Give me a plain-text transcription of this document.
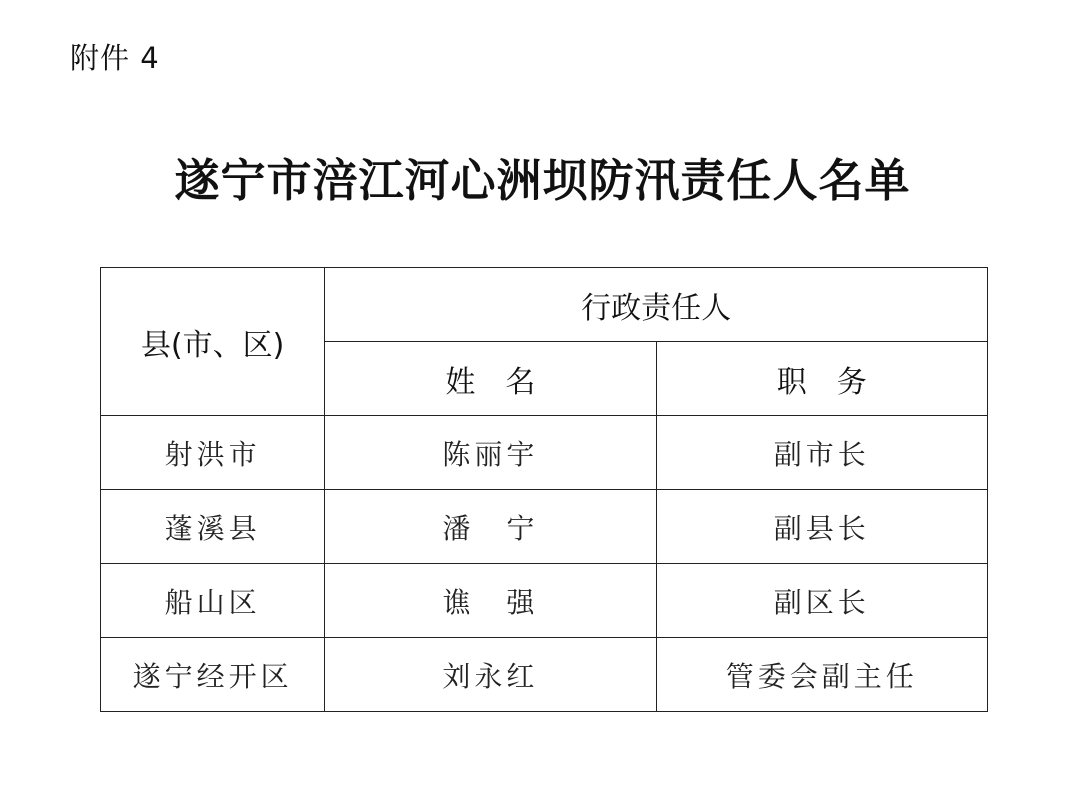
附件 4
遂宁市涪江河心洲坝防汛责任人名单
县(市、区)	行政责任人	
	姓名	职务
射洪市	陈丽宇	副市长
蓬溪县	潘　宁	副县长
船山区	谯　强	副区长
遂宁经开区	刘永红	管委会副主任
